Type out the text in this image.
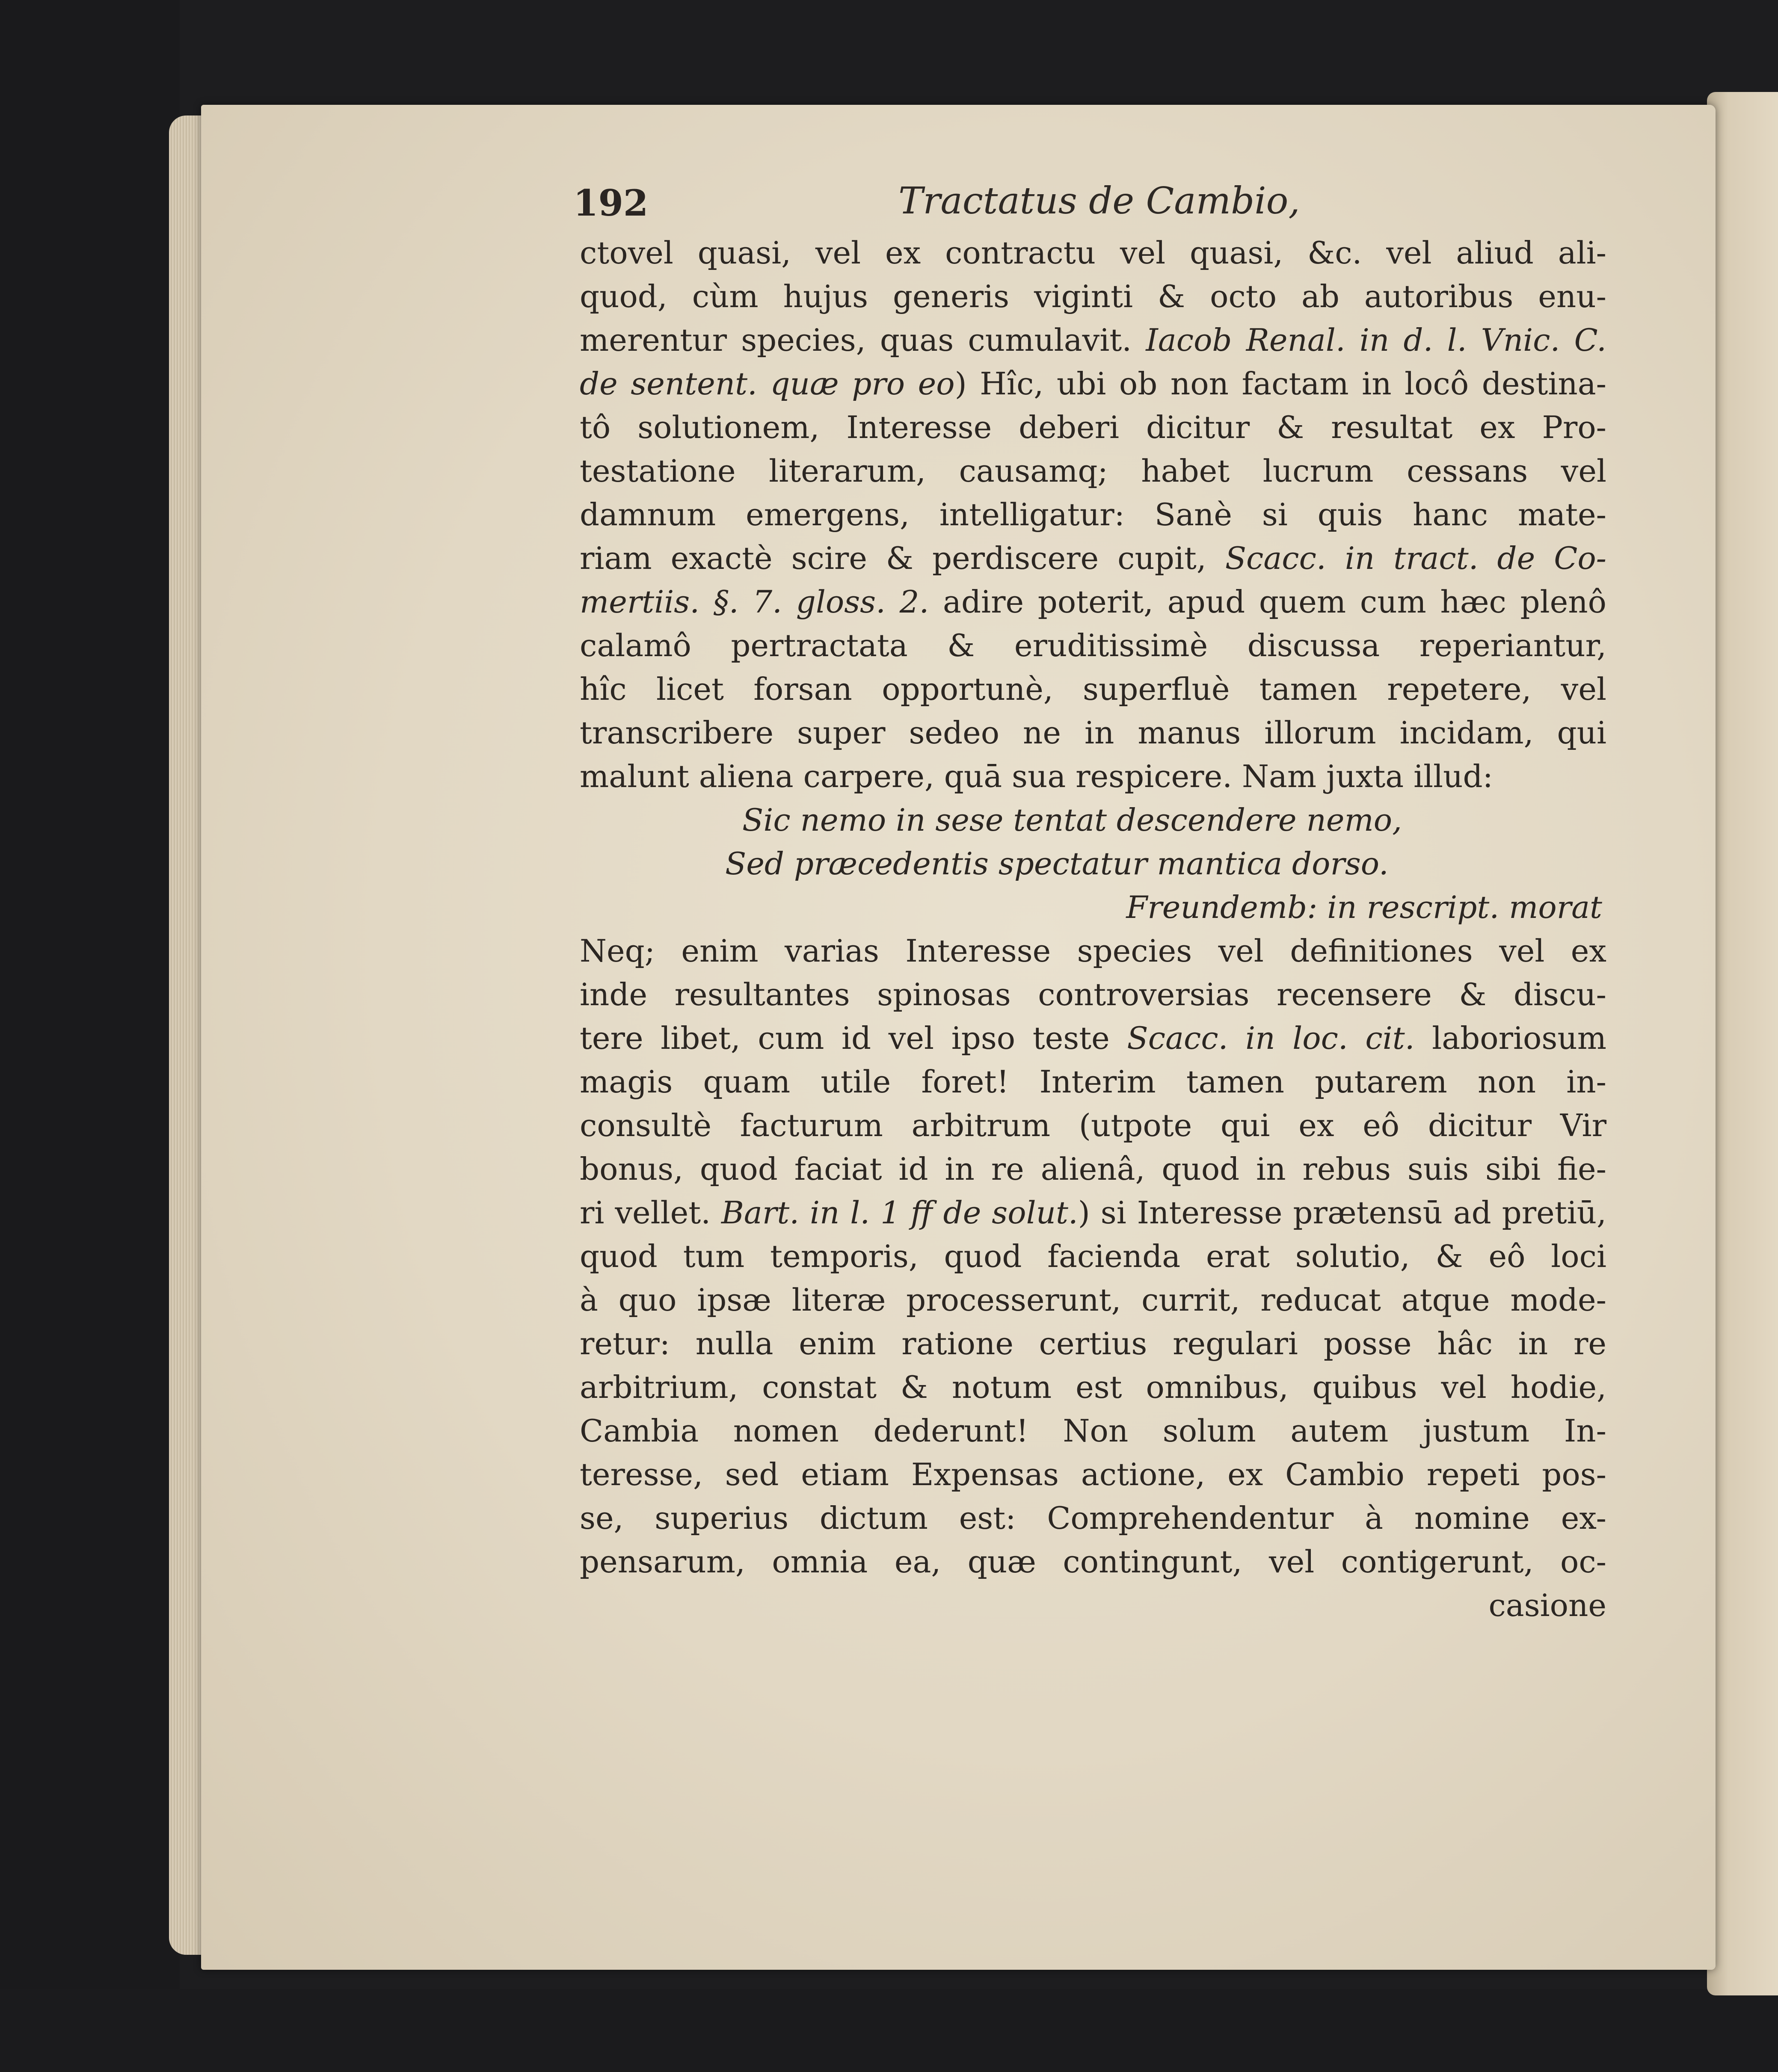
192	Tractatus de Cambio,
ctovel quasi, vel ex contractu vel quasi, &c. vel aliud ali-
quod, cùm hujus generis viginti & octo ab autoribus enu-
merentur species, quas cumulavit. Iacob Renal. in d. l. Vnic. C.
de sentent. quæ pro eo) Hîc, ubi ob non factam in locô destina-
tô solutionem, Interesse deberi dicitur & resultat ex Pro-
testatione literarum, causamq; habet lucrum cessans vel
damnum emergens, intelligatur: Sanè si quis hanc mate-
riam exactè scire & perdiscere cupit, Scacc. in tract. de Co-
mertiis. §. 7. gloss. 2. adire poterit, apud quem cum hæc plenô
calamô pertractata & eruditissimè discussa reperiantur,
hîc licet forsan opportunè, superfluè tamen repetere, vel
transcribere super sedeo ne in manus illorum incidam, qui
malunt aliena carpere, quā sua respicere. Nam juxta illud:
Sic nemo in sese tentat descendere nemo,
Sed præcedentis spectatur mantica dorso.
Freundemb: in rescript. morat
Neq; enim varias Interesse species vel definitiones vel ex
inde resultantes spinosas controversias recensere & discu-
tere libet, cum id vel ipso teste Scacc. in loc. cit. laboriosum
magis quam utile foret! Interim tamen putarem non in-
consultè facturum arbitrum (utpote qui ex eô dicitur Vir
bonus, quod faciat id in re alienâ, quod in rebus suis sibi fie-
ri vellet. Bart. in l. 1 ff de solut.) si Interesse prætensū ad pretiū,
quod tum temporis, quod facienda erat solutio, & eô loci
à quo ipsæ literæ processerunt, currit, reducat atque mode-
retur: nulla enim ratione certius regulari posse hâc in re
arbitrium, constat & notum est omnibus, quibus vel hodie,
Cambia nomen dederunt! Non solum autem justum In-
teresse, sed etiam Expensas actione, ex Cambio repeti pos-
se, superius dictum est: Comprehendentur à nomine ex-
pensarum, omnia ea, quæ contingunt, vel contigerunt, oc-
casione
